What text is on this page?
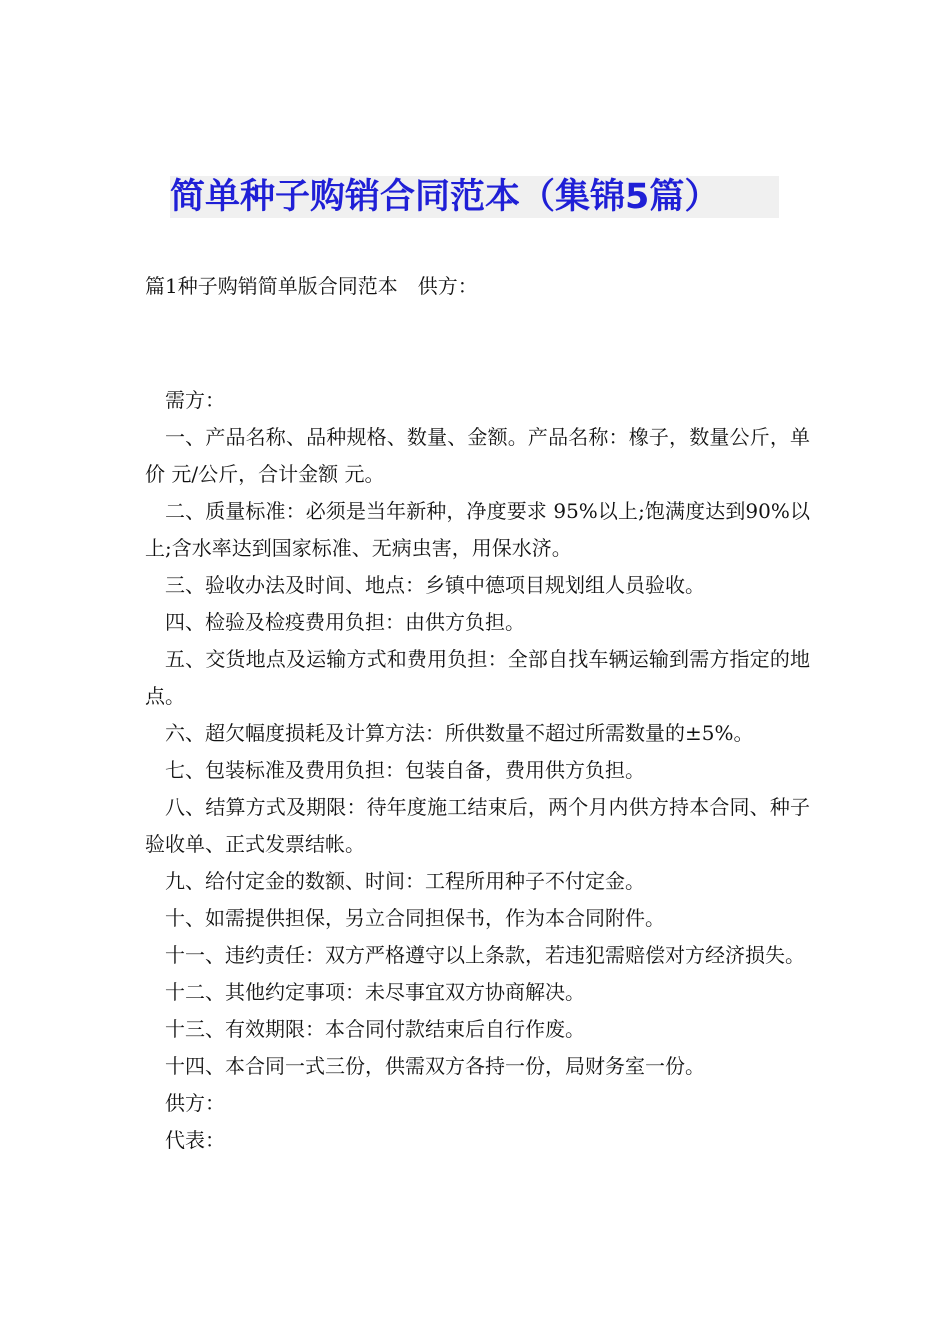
简单种子购销合同范本（集锦5篇）
篇1种子购销简单版合同范本　供方：

需方：

一、产品名称、品种规格、数量、金额。产品名称：橡子，数量公斤，单价 元/公斤，合计金额 元。

二、质量标准：必须是当年新种，净度要求 95%以上;饱满度达到90%以上;含水率达到国家标准、无病虫害，用保水济。

三、验收办法及时间、地点：乡镇中德项目规划组人员验收。

四、检验及检疫费用负担：由供方负担。

五、交货地点及运输方式和费用负担：全部自找车辆运输到需方指定的地点。

六、超欠幅度损耗及计算方法：所供数量不超过所需数量的±5%。

七、包装标准及费用负担：包装自备，费用供方负担。

八、结算方式及期限：待年度施工结束后，两个月内供方持本合同、种子验收单、正式发票结帐。

九、给付定金的数额、时间：工程所用种子不付定金。

十、如需提供担保，另立合同担保书，作为本合同附件。

十一、违约责任：双方严格遵守以上条款，若违犯需赔偿对方经济损失。

十二、其他约定事项：未尽事宜双方协商解决。

十三、有效期限：本合同付款结束后自行作废。

十四、本合同一式三份，供需双方各持一份，局财务室一份。

供方：

代表：
